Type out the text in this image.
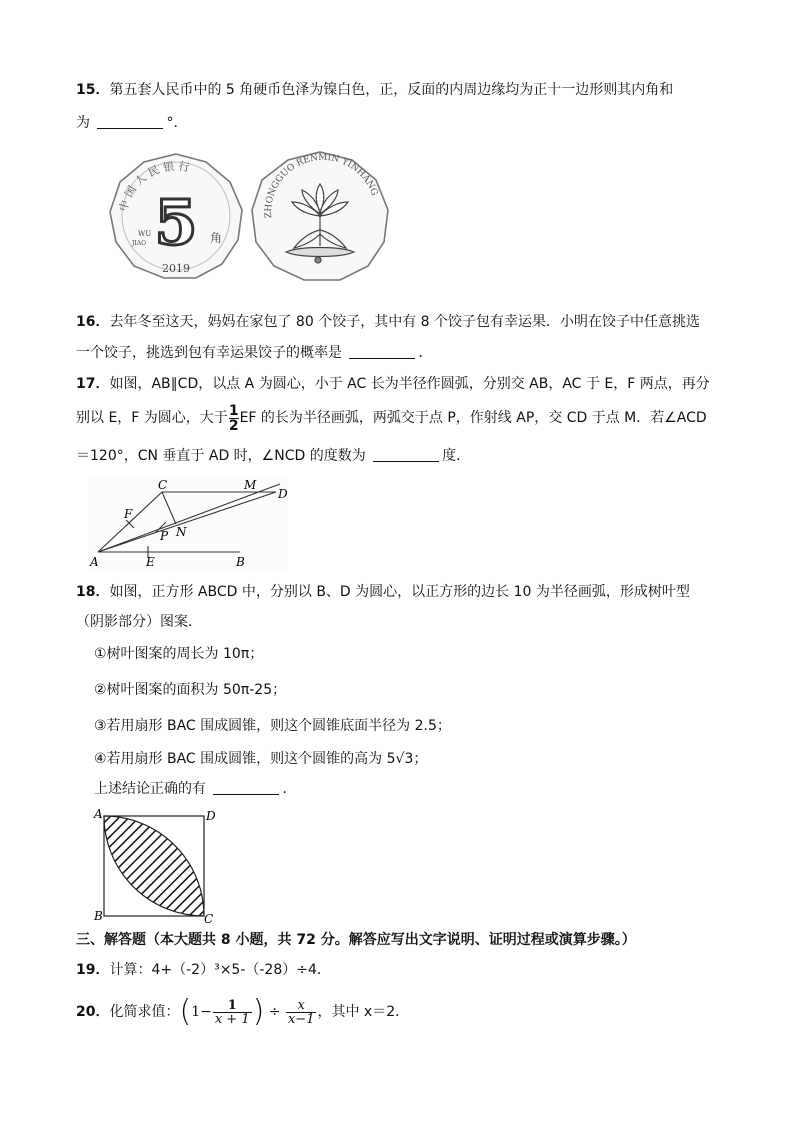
15．第五套人民币中的 5 角硬币色泽为镍白色，正，反面的内周边缘均为正十一边形则其内角和
为	°.
中 国 人 民 银 行
5
WU
JIAO	角
2019
ZHONGGUO RENMIN YINHANG
16．去年冬至这天，妈妈在家包了 80 个饺子，其中有 8 个饺子包有幸运果．小明在饺子中任意挑选
一个饺子，挑选到包有幸运果饺子的概率是	．
17．如图，AB∥CD，以点 A 为圆心，小于 AC 长为半径作圆弧，分别交 AB，AC 于 E，F 两点，再分
别以 E，F 为圆心，大于 $\frac{1}{2}$ EF 的长为半径画弧，两弧交于点 P，作射线 AP，交 CD 于点 M．若∠ACD
＝120°，CN 垂直于 AD 时，∠NCD 的度数为	度．
C	M
D
F
N
P
A	E	B
18．如图，正方形 ABCD 中，分别以 B、D 为圆心，以正方形的边长 10 为半径画弧，形成树叶型
（阴影部分）图案．
①树叶图案的周长为 10π；
②树叶图案的面积为 50π-25；
③若用扇形 BAC 围成圆锥，则这个圆锥底面半径为 2.5；
④若用扇形 BAC 围成圆锥，则这个圆锥的高为 5√3；
上述结论正确的有	．
A	D
B	C
三、解答题（本大题共 8 小题，共 72 分。解答应写出文字说明、证明过程或演算步骤。）
19．计算：4+（-2）³×5-（-28）÷4．
20．化简求值：($1- \frac{1}{x + 1}$ ) ÷ $\frac{x}{x-1}$ ，其中 x＝2．
